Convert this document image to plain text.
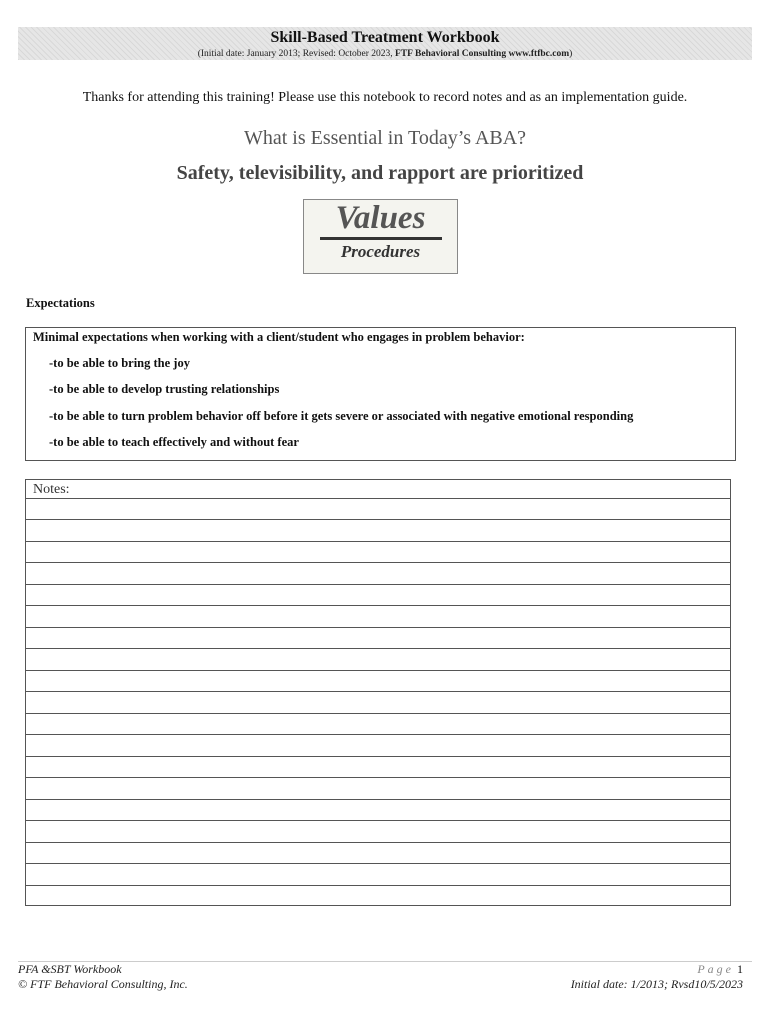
Skill-Based Treatment Workbook
(Initial date: January 2013; Revised: October 2023, FTF Behavioral Consulting www.ftfbc.com)
Thanks for attending this training! Please use this notebook to record notes and as an implementation guide.
What is Essential in Today’s ABA?
Safety, televisibility, and rapport are prioritized
Values
Procedures
Expectations
Minimal expectations when working with a client/student who engages in problem behavior:
-to be able to bring the joy
-to be able to develop trusting relationships
-to be able to turn problem behavior off before it gets severe or associated with negative emotional responding
-to be able to teach effectively and without fear
Notes:
PFA &SBT Workbook
© FTF Behavioral Consulting, Inc.
Page 1
Initial date: 1/2013; Rvsd10/5/2023
